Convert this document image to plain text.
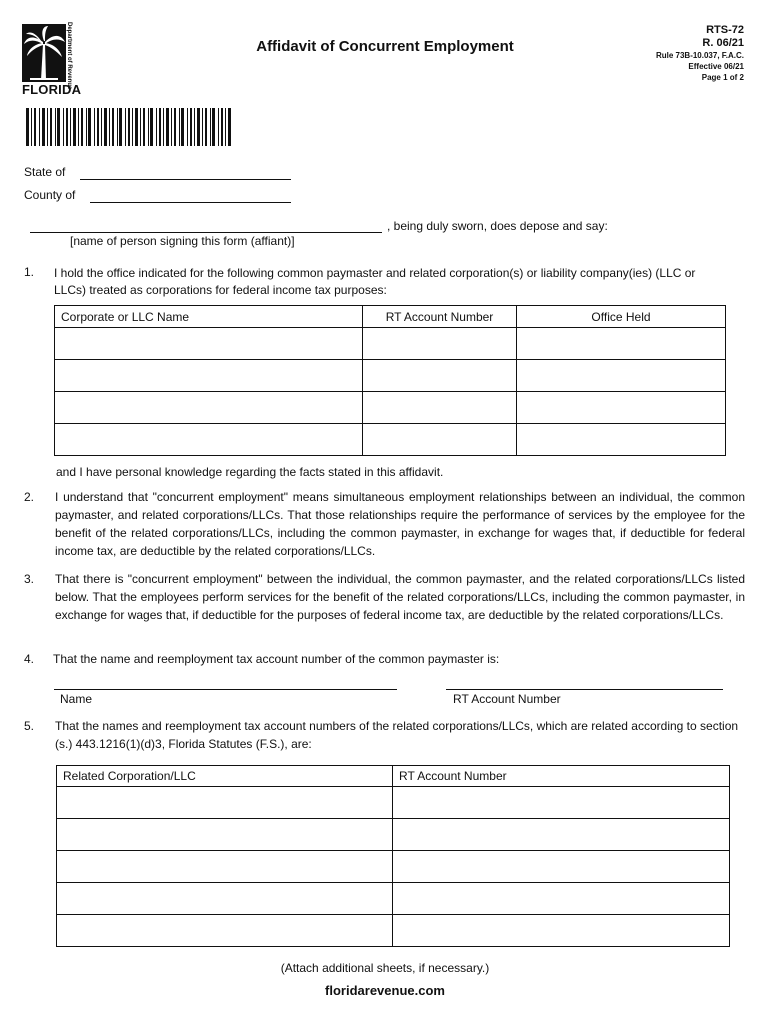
Department of Revenue
FLORIDA
Affidavit of Concurrent Employment
RTS-72
R. 06/21
Rule 73B-10.037, F.A.C.
Effective 06/21
Page 1 of 2
State of
County of
, being duly sworn, does depose and say:
[name of person signing this form (affiant)]
1. I hold the office indicated for the following common paymaster and related corporation(s) or liability company(ies) (LLC or
LLCs) treated as corporations for federal income tax purposes:
Corporate or LLC Name	RT Account Number	Office Held

and I have personal knowledge regarding the facts stated in this affidavit.
2. I understand that "concurrent employment" means simultaneous employment relationships between an individual, the common paymaster, and related corporations/LLCs. That those relationships require the performance of services by the employee for the benefit of the related corporations/LLCs, including the common paymaster, in exchange for wages that, if deductible for federal income tax, are deductible by the related corporations/LLCs.
3. That there is "concurrent employment" between the individual, the common paymaster, and the related corporations/LLCs listed below. That the employees perform services for the benefit of the related corporations/LLCs, including the common paymaster, in exchange for wages that, if deductible for the purposes of federal income tax, are deductible by the related corporations/LLCs.
4. That the name and reemployment tax account number of the common paymaster is:
Name	RT Account Number
5. That the names and reemployment tax account numbers of the related corporations/LLCs, which are related according to section (s.) 443.1216(1)(d)3, Florida Statutes (F.S.), are:
Related Corporation/LLC	RT Account Number

(Attach additional sheets, if necessary.)
floridarevenue.com
